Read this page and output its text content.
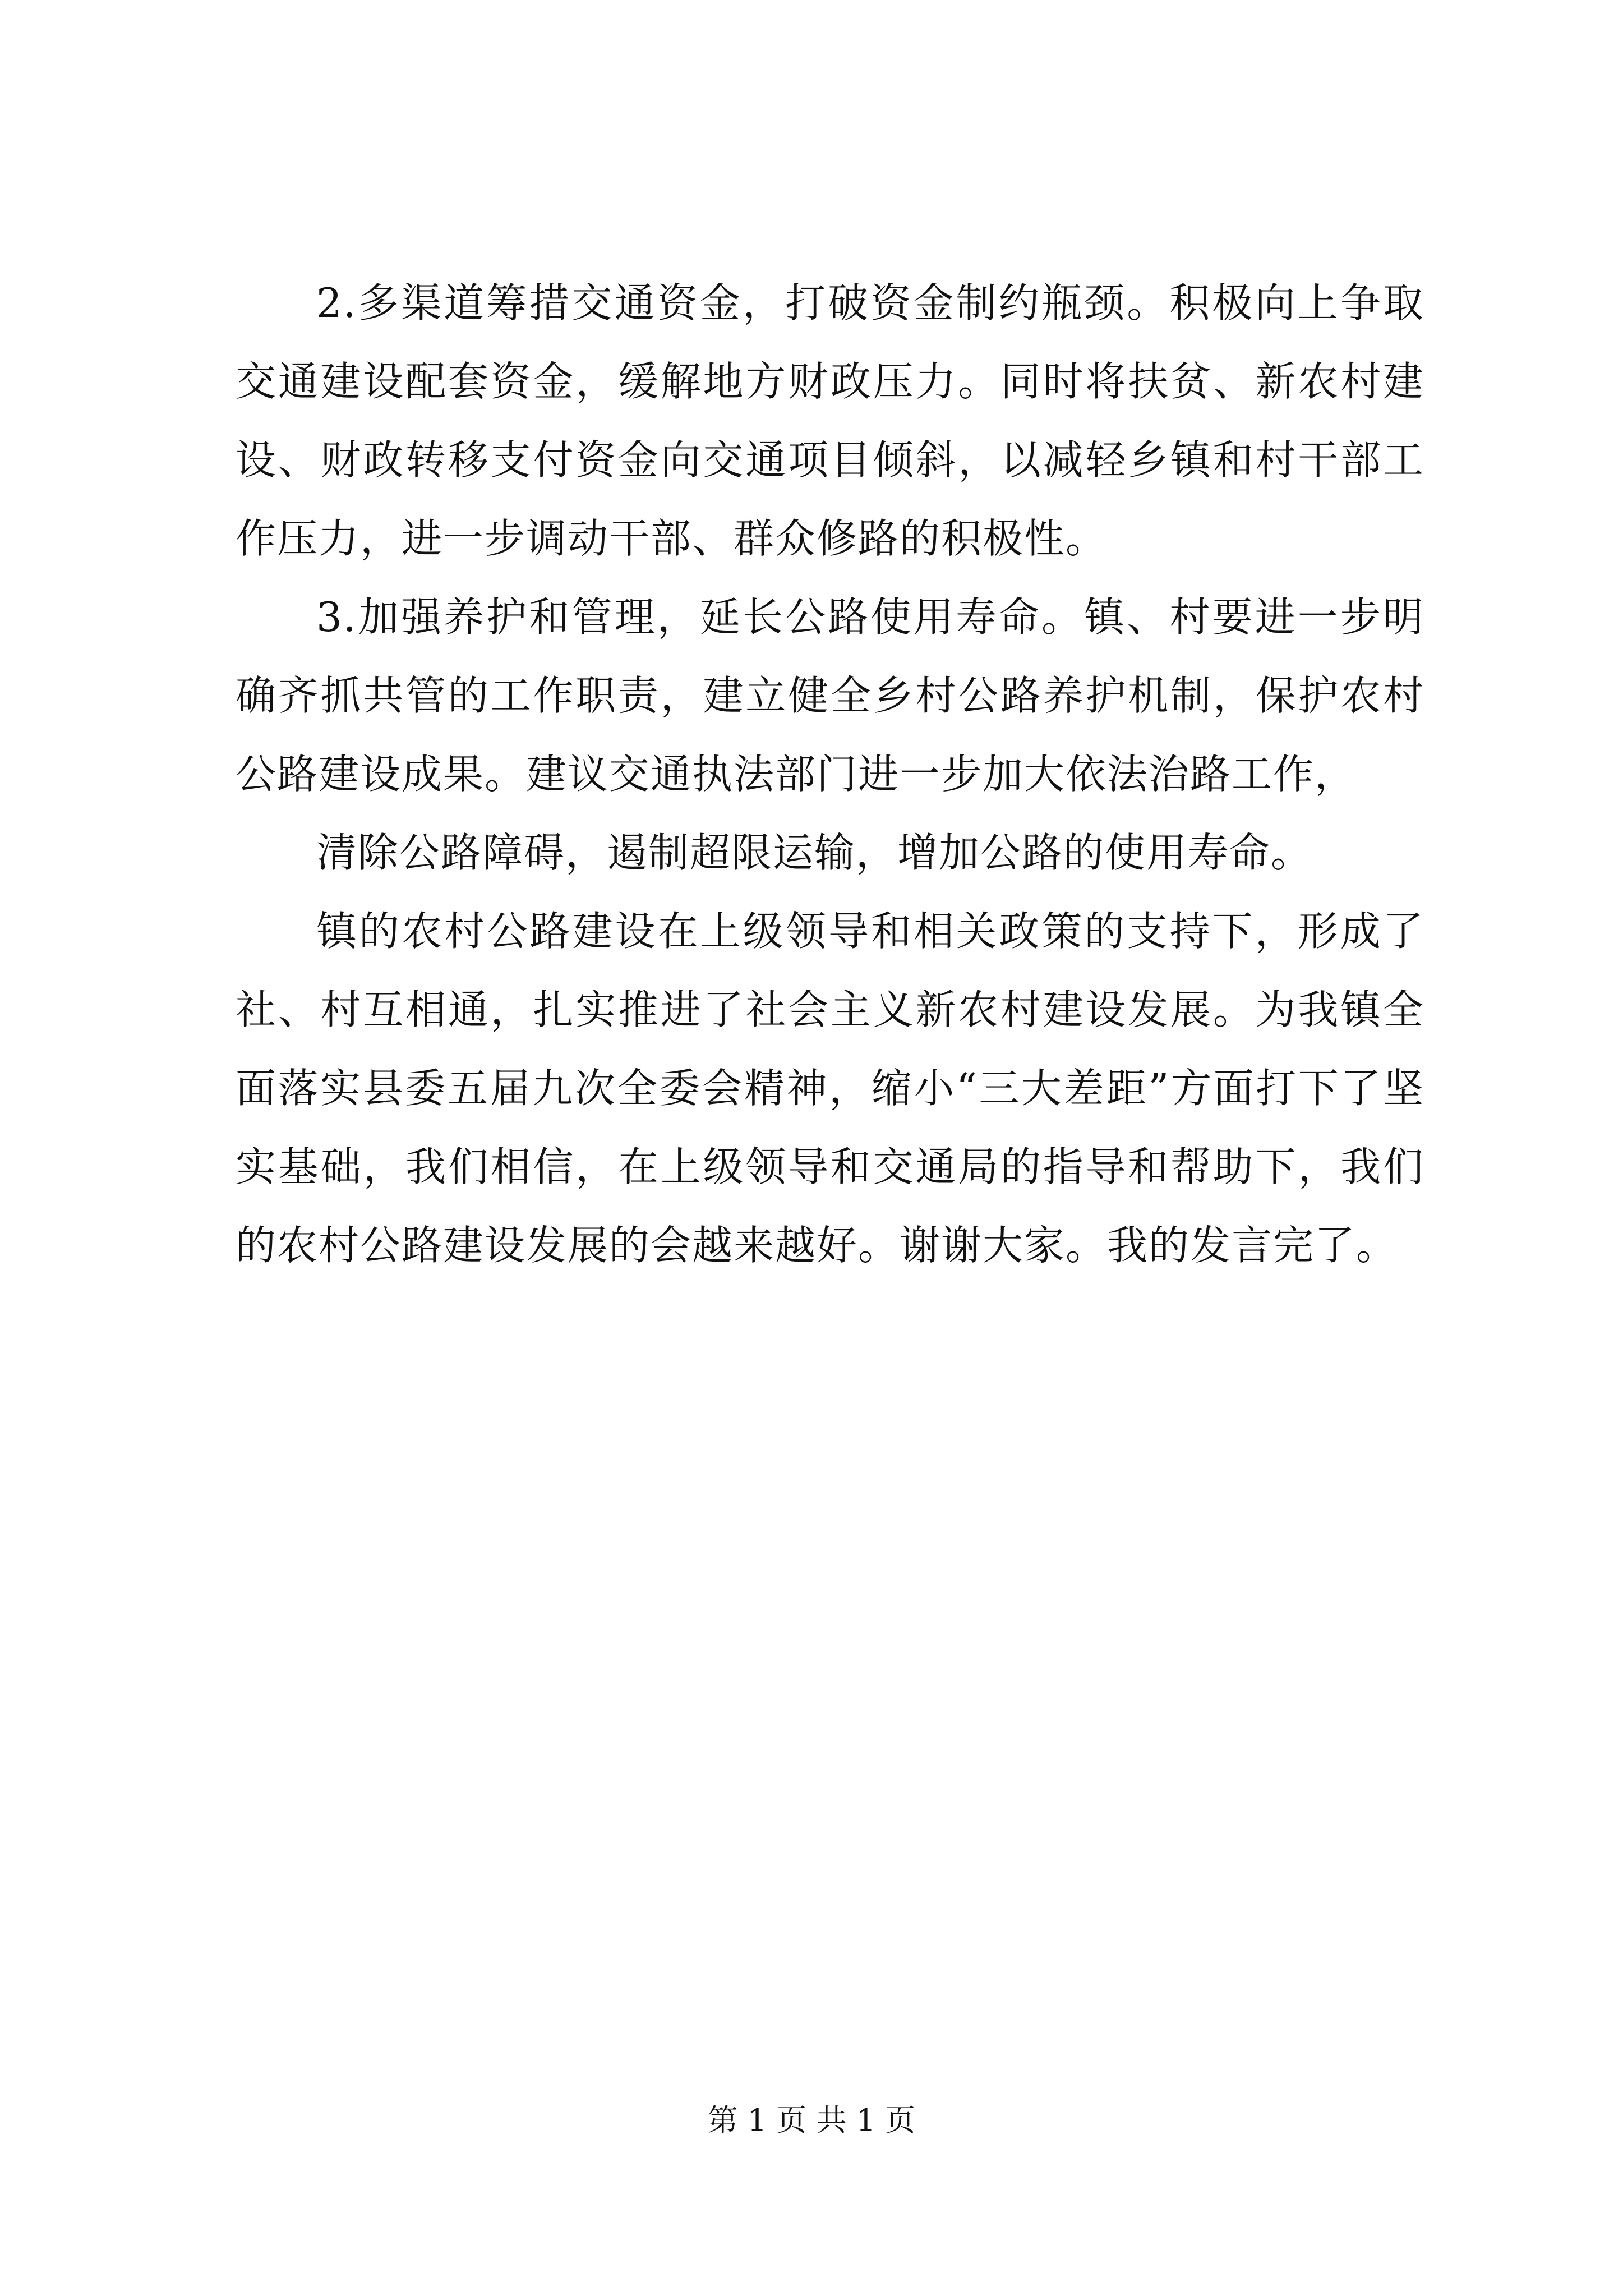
2.多渠道筹措交通资金，打破资金制约瓶颈。积极向上争取交通建设配套资金，缓解地方财政压力。同时将扶贫、新农村建设、财政转移支付资金向交通项目倾斜，以减轻乡镇和村干部工作压力，进一步调动干部、群众修路的积极性。

3.加强养护和管理，延长公路使用寿命。镇、村要进一步明确齐抓共管的工作职责，建立健全乡村公路养护机制，保护农村公路建设成果。建议交通执法部门进一步加大依法治路工作，

清除公路障碍，遏制超限运输，增加公路的使用寿命。

镇的农村公路建设在上级领导和相关政策的支持下，形成了社、村互相通，扎实推进了社会主义新农村建设发展。为我镇全面落实县委五届九次全委会精神，缩小“三大差距”方面打下了坚实基础，我们相信，在上级领导和交通局的指导和帮助下，我们的农村公路建设发展的会越来越好。谢谢大家。我的发言完了。

第 1 页 共 1 页
